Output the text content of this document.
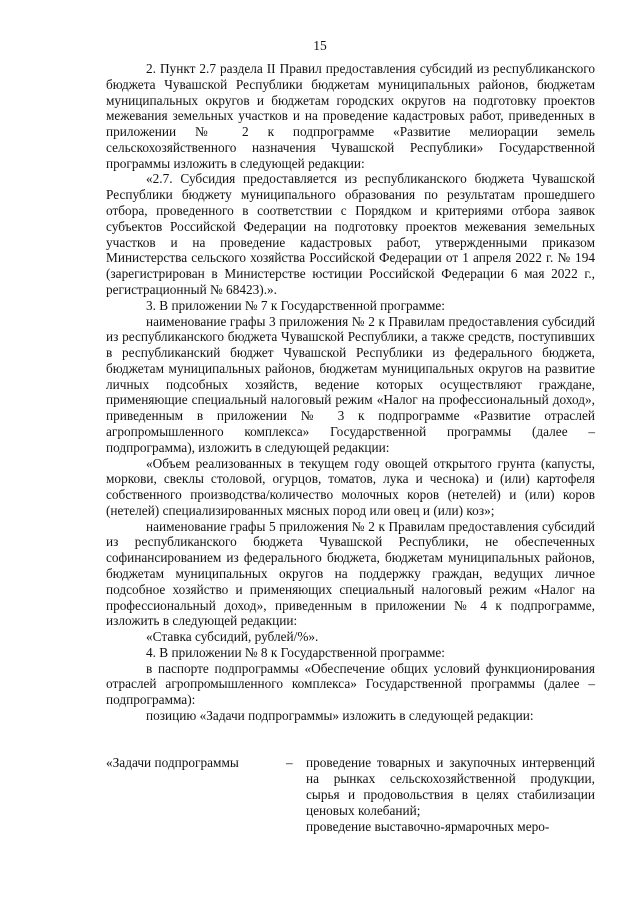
15

2. Пункт 2.7 раздела II Правил предоставления субсидий из республиканского бюджета Чувашской Республики бюджетам муниципальных районов, бюджетам муниципальных округов и бюджетам городских округов на подготовку проектов межевания земельных участков и на проведение кадастровых работ, приведенных в приложении № 2 к подпрограмме «Развитие мелиорации земель сельскохозяйственного назначения Чувашской Республики» Государственной программы изложить в следующей редакции:

«2.7. Субсидия предоставляется из республиканского бюджета Чувашской Республики бюджету муниципального образования по результатам прошедшего отбора, проведенного в соответствии с Порядком и критериями отбора заявок субъектов Российской Федерации на подготовку проектов межевания земельных участков и на проведение кадастровых работ, утвержденными приказом Министерства сельского хозяйства Российской Федерации от 1 апреля 2022 г. № 194 (зарегистрирован в Министерстве юстиции Российской Федерации 6 мая 2022 г., регистрационный № 68423).».

3. В приложении № 7 к Государственной программе:

наименование графы 3 приложения № 2 к Правилам предоставления субсидий из республиканского бюджета Чувашской Республики, а также средств, поступивших в республиканский бюджет Чувашской Республики из федерального бюджета, бюджетам муниципальных районов, бюджетам муниципальных округов на развитие личных подсобных хозяйств, ведение которых осуществляют граждане, применяющие специальный налоговый режим «Налог на профессиональный доход», приведенным в приложении № 3 к подпрограмме «Развитие отраслей агропромышленного комплекса» Государственной программы (далее – подпрограмма), изложить в следующей редакции:

«Объем реализованных в текущем году овощей открытого грунта (капусты, моркови, свеклы столовой, огурцов, томатов, лука и чеснока) и (или) картофеля собственного производства/количество молочных коров (нетелей) и (или) коров (нетелей) специализированных мясных пород или овец и (или) коз»;

наименование графы 5 приложения № 2 к Правилам предоставления субсидий из республиканского бюджета Чувашской Республики, не обеспеченных софинансированием из федерального бюджета, бюджетам муниципальных районов, бюджетам муниципальных округов на поддержку граждан, ведущих личное подсобное хозяйство и применяющих специальный налоговый режим «Налог на профессиональный доход», приведенным в приложении № 4 к подпрограмме, изложить в следующей редакции:

«Ставка субсидий, рублей/%».

4. В приложении № 8 к Государственной программе:

в паспорте подпрограммы «Обеспечение общих условий функционирования отраслей агропромышленного комплекса» Государственной программы (далее – подпрограмма):

позицию «Задачи подпрограммы» изложить в следующей редакции:

«Задачи подпрограммы	–	проведение товарных и закупочных интервенций на рынках сельскохозяйственной продукции, сырья и продовольствия в целях стабилизации ценовых колебаний;

проведение выставочно-ярмарочных меро-
